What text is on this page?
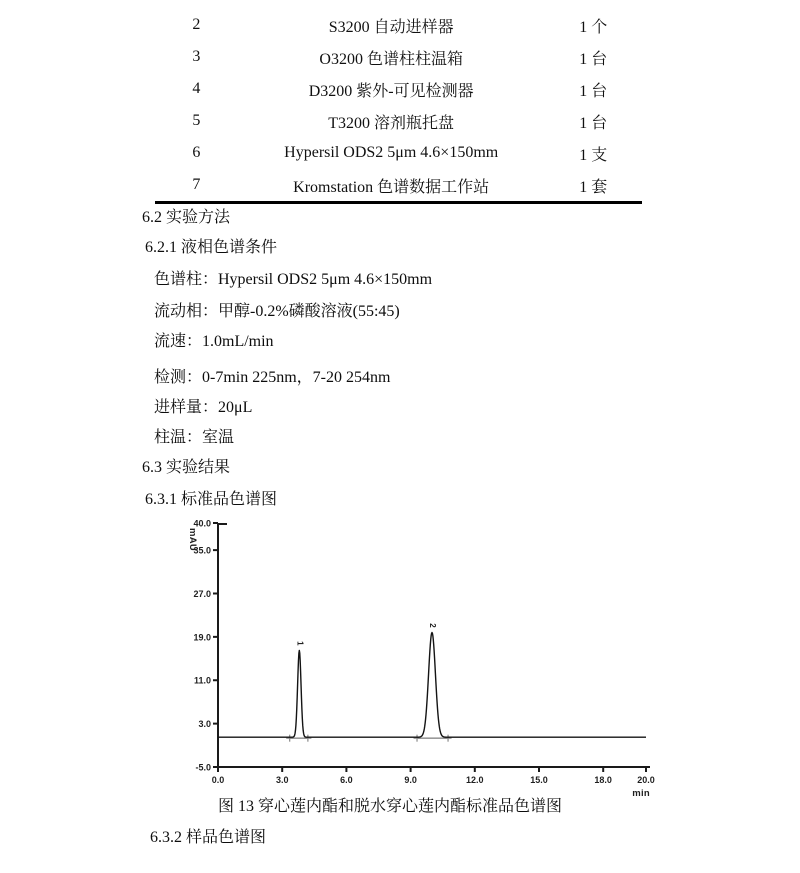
2	S3200 自动进样器	1 个
3	O3200 色谱柱柱温箱	1 台
4	D3200 紫外-可见检测器	1 台
5	T3200 溶剂瓶托盘	1 台
6	Hypersil ODS2 5μm 4.6×150mm	1 支
7	Kromstation 色谱数据工作站	1 套
6.2 实验方法
6.2.1 液相色谱条件
色谱柱：Hypersil ODS2 5μm 4.6×150mm
流动相：甲醇-0.2%磷酸溶液(55:45)
流速：1.0mL/min
检测：0-7min 225nm，7-20 254nm
进样量：20μL
柱温：室温
6.3 实验结果
6.3.1 标准品色谱图
40.0
35.0
27.0
19.0
11.0
3.0
-5.0
0.0	3.0	6.0	9.0	12.0	15.0	18.0	20.0
min
mAU
1
2
图 13 穿心莲内酯和脱水穿心莲内酯标准品色谱图
6.3.2 样品色谱图
